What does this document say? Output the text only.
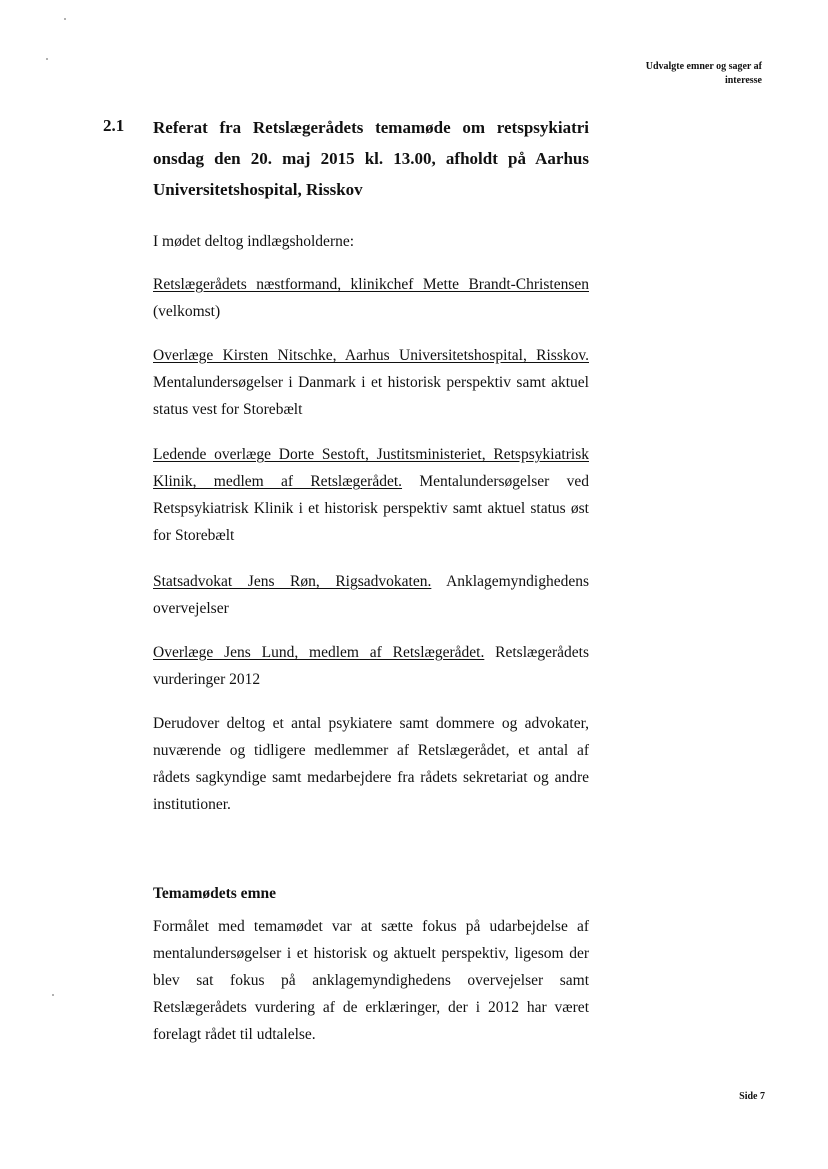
Udvalgte emner og sager af
interesse
2.1 Referat fra Retslægerådets temamøde om retspsykiatri onsdag den 20. maj 2015 kl. 13.00, afholdt på Aarhus Universitetshospital, Risskov
I mødet deltog indlægsholderne:
Retslægerådets næstformand, klinikchef Mette Brandt-Christensen (velkomst)
Overlæge Kirsten Nitschke, Aarhus Universitetshospital, Risskov. Mentalundersøgelser i Danmark i et historisk perspektiv samt aktuel status vest for Storebælt
Ledende overlæge Dorte Sestoft, Justitsministeriet, Retspsykiatrisk Klinik, medlem af Retslægerådet. Mentalundersøgelser ved Retspsykiatrisk Klinik i et historisk perspektiv samt aktuel status øst for Storebælt
Statsadvokat Jens Røn, Rigsadvokaten. Anklagemyndighedens overvejelser
Overlæge Jens Lund, medlem af Retslægerådet. Retslægerådets vurderinger 2012
Derudover deltog et antal psykiatere samt dommere og advokater, nuværende og tidligere medlemmer af Retslægerådet, et antal af rådets sagkyndige samt medarbejdere fra rådets sekretariat og andre institutioner.
Temamødets emne
Formålet med temamødet var at sætte fokus på udarbejdelse af mentalundersøgelser i et historisk og aktuelt perspektiv, ligesom der blev sat fokus på anklagemyndighedens overvejelser samt Retslægerådets vurdering af de erklæringer, der i 2012 har været forelagt rådet til udtalelse.
Side 7
